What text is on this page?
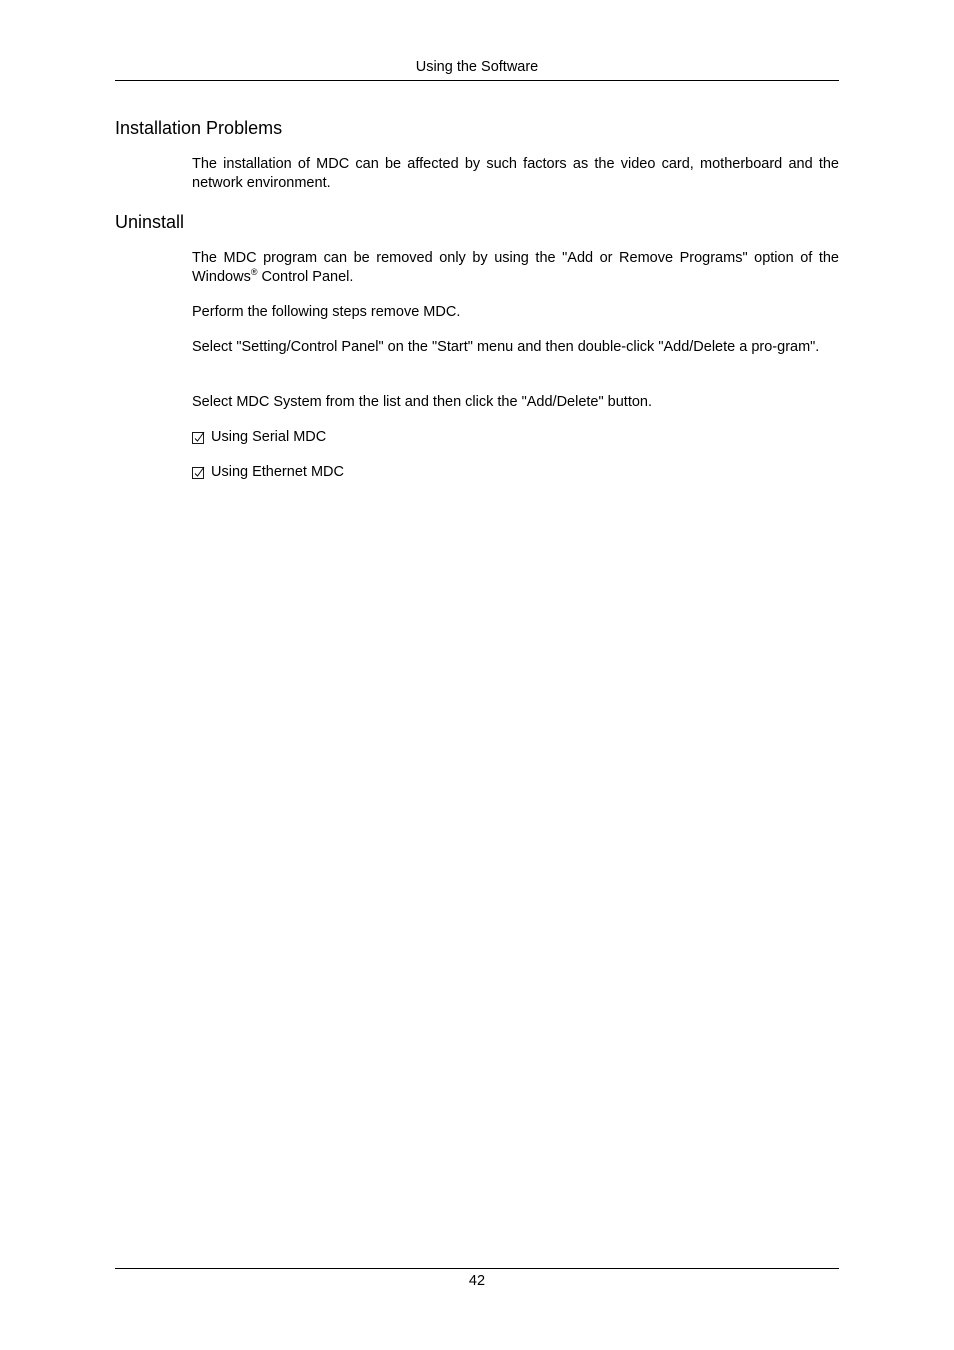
Using the Software
Installation Problems

The installation of MDC can be affected by such factors as the video card, motherboard and the network environment.

Uninstall

The MDC program can be removed only by using the "Add or Remove Programs" option of the Windows® Control Panel.

Perform the following steps remove MDC.

Select "Setting/Control Panel" on the "Start" menu and then double-click "Add/Delete a pro-gram".

Select MDC System from the list and then click the "Add/Delete" button.

Using Serial MDC
Using Ethernet MDC
42
